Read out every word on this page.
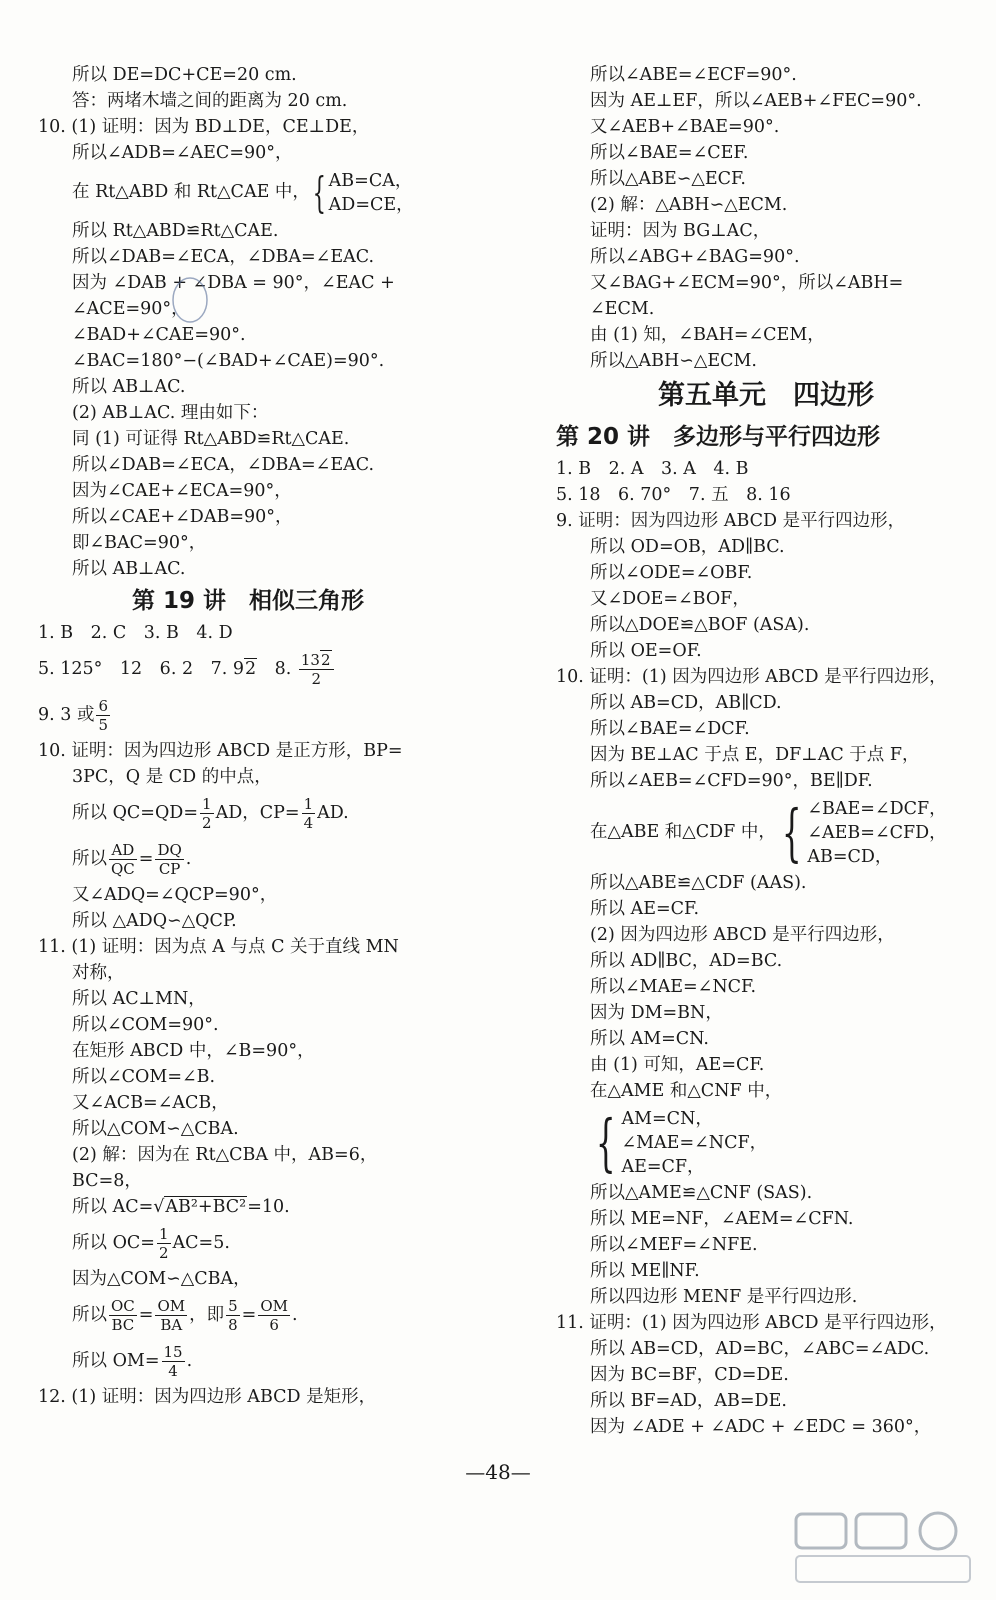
所以 DE=DC+CE=20 cm.
答：两堵木墙之间的距离为 20 cm.
10. (1) 证明：因为 BD⊥DE，CE⊥DE，
所以∠ADB=∠AEC=90°，
在 Rt△ABD 和 Rt△CAE 中，{ AB=CA，
AD=CE，
所以 Rt△ABD≌Rt△CAE.
所以∠DAB=∠ECA，∠DBA=∠EAC.
因为 ∠DAB + ∠DBA = 90°，∠EAC +
∠ACE=90°，
∠BAD+∠CAE=90°.
∠BAC=180°−(∠BAD+∠CAE)=90°.
所以 AB⊥AC.
(2) AB⊥AC. 理由如下：
同 (1) 可证得 Rt△ABD≌Rt△CAE.
所以∠DAB=∠ECA，∠DBA=∠EAC.
因为∠CAE+∠ECA=90°，
所以∠CAE+∠DAB=90°，
即∠BAC=90°，
所以 AB⊥AC.
第 19 讲　相似三角形
1. B　2. C　3. B　4. D
5. 125°　12　6. 2　7. 92　8. $\frac{132}{2}$
9. 3 或 $\frac{6}{5}$
10. 证明：因为四边形 ABCD 是正方形，BP=
3PC，Q 是 CD 的中点，
所以 $QC=QD= \frac{1}{2}$ AD，$CP= \frac{1}{4}$ AD.
所以 $\frac{AD}{QC} = \frac{DQ}{CP}$ .
又∠ADQ=∠QCP=90°，
所以 △ADQ∽△QCP.
11. (1) 证明：因为点 A 与点 C 关于直线 MN
对称，
所以 AC⊥MN，
所以∠COM=90°.
在矩形 ABCD 中，∠B=90°，
所以∠COM=∠B.
又∠ACB=∠ACB，
所以△COM∽△CBA.
(2) 解：因为在 Rt△CBA 中，AB=6，
BC=8，
所以 AC=√AB²+BC²=10.
所以 $OC= \frac{1}{2} AC=5$.
因为△COM∽△CBA，
所以 $\frac{OC}{BC} = \frac{OM}{BA}$ ，即 $\frac{5}{8} = \frac{OM}{6}$ .
所以 $OM= \frac{15}{4}$ .
12. (1) 证明：因为四边形 ABCD 是矩形，
所以∠ABE=∠ECF=90°.
因为 AE⊥EF，所以∠AEB+∠FEC=90°.
又∠AEB+∠BAE=90°.
所以∠BAE=∠CEF.
所以△ABE∽△ECF.
(2) 解：△ABH∽△ECM.
证明：因为 BG⊥AC，
所以∠ABG+∠BAG=90°.
又∠BAG+∠ECM=90°，所以∠ABH=
∠ECM.
由 (1) 知，∠BAH=∠CEM，
所以△ABH∽△ECM.
第五单元　四边形
第 20 讲　多边形与平行四边形
1. B　2. A　3. A　4. B
5. 18　6. 70°　7. 五　8. 16
9. 证明：因为四边形 ABCD 是平行四边形，
所以 OD=OB，AD∥BC.
所以∠ODE=∠OBF.
又∠DOE=∠BOF，
所以△DOE≌△BOF (ASA).
所以 OE=OF.
10. 证明：(1) 因为四边形 ABCD 是平行四边形，
所以 AB=CD，AB∥CD.
所以∠BAE=∠DCF.
因为 BE⊥AC 于点 E，DF⊥AC 于点 F，
所以∠AEB=∠CFD=90°，BE∥DF.
在△ABE 和△CDF 中，{ ∠BAE=∠DCF，
∠AEB=∠CFD，
AB=CD，
所以△ABE≌△CDF (AAS).
所以 AE=CF.
(2) 因为四边形 ABCD 是平行四边形，
所以 AD∥BC，AD=BC.
所以∠MAE=∠NCF.
因为 DM=BN，
所以 AM=CN.
由 (1) 可知，AE=CF.
在△AME 和△CNF 中，
{ AM=CN，
∠MAE=∠NCF，
AE=CF，
所以△AME≌△CNF (SAS).
所以 ME=NF，∠AEM=∠CFN.
所以∠MEF=∠NFE.
所以 ME∥NF.
所以四边形 MENF 是平行四边形.
11. 证明：(1) 因为四边形 ABCD 是平行四边形，
所以 AB=CD，AD=BC，∠ABC=∠ADC.
因为 BC=BF，CD=DE.
所以 BF=AD，AB=DE.
因为 ∠ADE + ∠ADC + ∠EDC = 360°，
—48—
